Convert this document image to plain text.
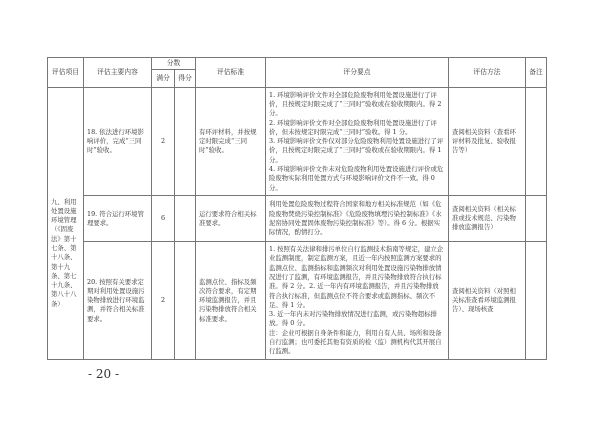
评估项目	评估主要内容	分数		评估标准	评分要点	评估方法	备注
		满分	得分				
九、利用处置设施环境管理（《固废法》第十七条、第十八条、第十九条、第七十九条、第八十八条）	18. 依法进行环境影响评价，完成“三同时”验收。	2		有环评材料，并按规定时限完成“三同时”验收。	1. 环境影响评价文件对全部危险废物利用处置设施进行了评价，且按规定时限完成了“三同时”验收或在验收期限内。得 2 分。
2. 环境影响评价文件对全部危险废物利用处置设施进行了评价，但未按规定时限完成“三同时”验收。得 1 分。
3. 环境影响评价文件仅对部分危险废物利用处置设施进行了评价，且按规定时限完成了“三同时”验收或在验收期限内。得 1 分。
4. 环境影响评价文件未对危险废物利用处置设施进行评价或危险废物实际利用处置方式与环境影响评价文件不一致。得 0 分。	查阅相关资料（查看环评材料及批复、验收报告等）	
	19. 符合运行环境管理要求。	6		运行要求符合相关标准要求。	利用处置危险废物过程符合国家和地方相关标准规范（如《危险废物焚烧污染控制标准》《危险废物填埋污染控制标准》《水泥窑协同处置固体废物污染控制标准》等）。得 6 分。根据实际情况，酌情打分。	查阅相关资料（相关标准或技术规范、污染物排放监测报告）	
	20. 按照有关要求定期对利用处置设施污染物排放进行环境监测，并符合相关标准要求。	2		监测点位、指标及频次符合要求，有定期环境监测报告，并且污染物排放符合相关标准要求。	1. 按照有关法律和排污单位自行监测技术指南等规定，建立企业监测制度，制定监测方案，且近一年内按照监测方案要求的监测点位、监测指标和监测频次对利用处置设施污染物排放情况进行了监测，有环境监测报告，并且污染物排放符合执行标准。得 2 分。2. 近一年内有环境监测报告，并且污染物排放符合执行标准，但监测点位不符合要求或监测指标、频次不足。得 1 分。
3. 近一年内未对污染物排放情况进行监测，或污染物超标排放。得 0 分。
注：企业可根据自身条件和能力，利用自有人员、场所和设备自行监测；也可委托其他有资质的检（监）测机构代其开展自行监测。	查阅相关资料（对照相关标准查看环境监测报告）、现场核查	
- 20 -
